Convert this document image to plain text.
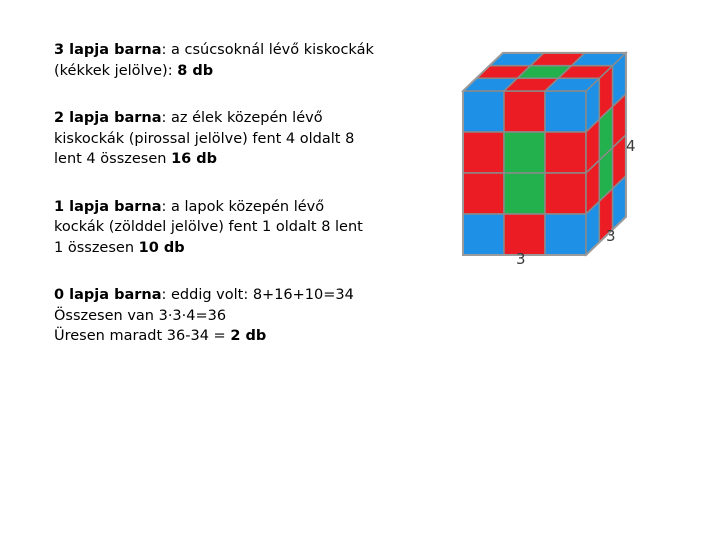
3 lapja barna: a csúcsoknál lévő kiskockák
(kékkek jelölve): 8 db

2 lapja barna: az élek közepén lévő
kiskockák (pirossal jelölve) fent 4 oldalt 8
lent 4 összesen 16 db

1 lapja barna: a lapok közepén lévő
kockák (zölddel jelölve) fent 1 oldalt 8 lent
1 összesen 10 db

0 lapja barna: eddig volt: 8+16+10=34
Összesen van 3·3·4=36
Üresen maradt 36-34 = 2 db

4
3
3
